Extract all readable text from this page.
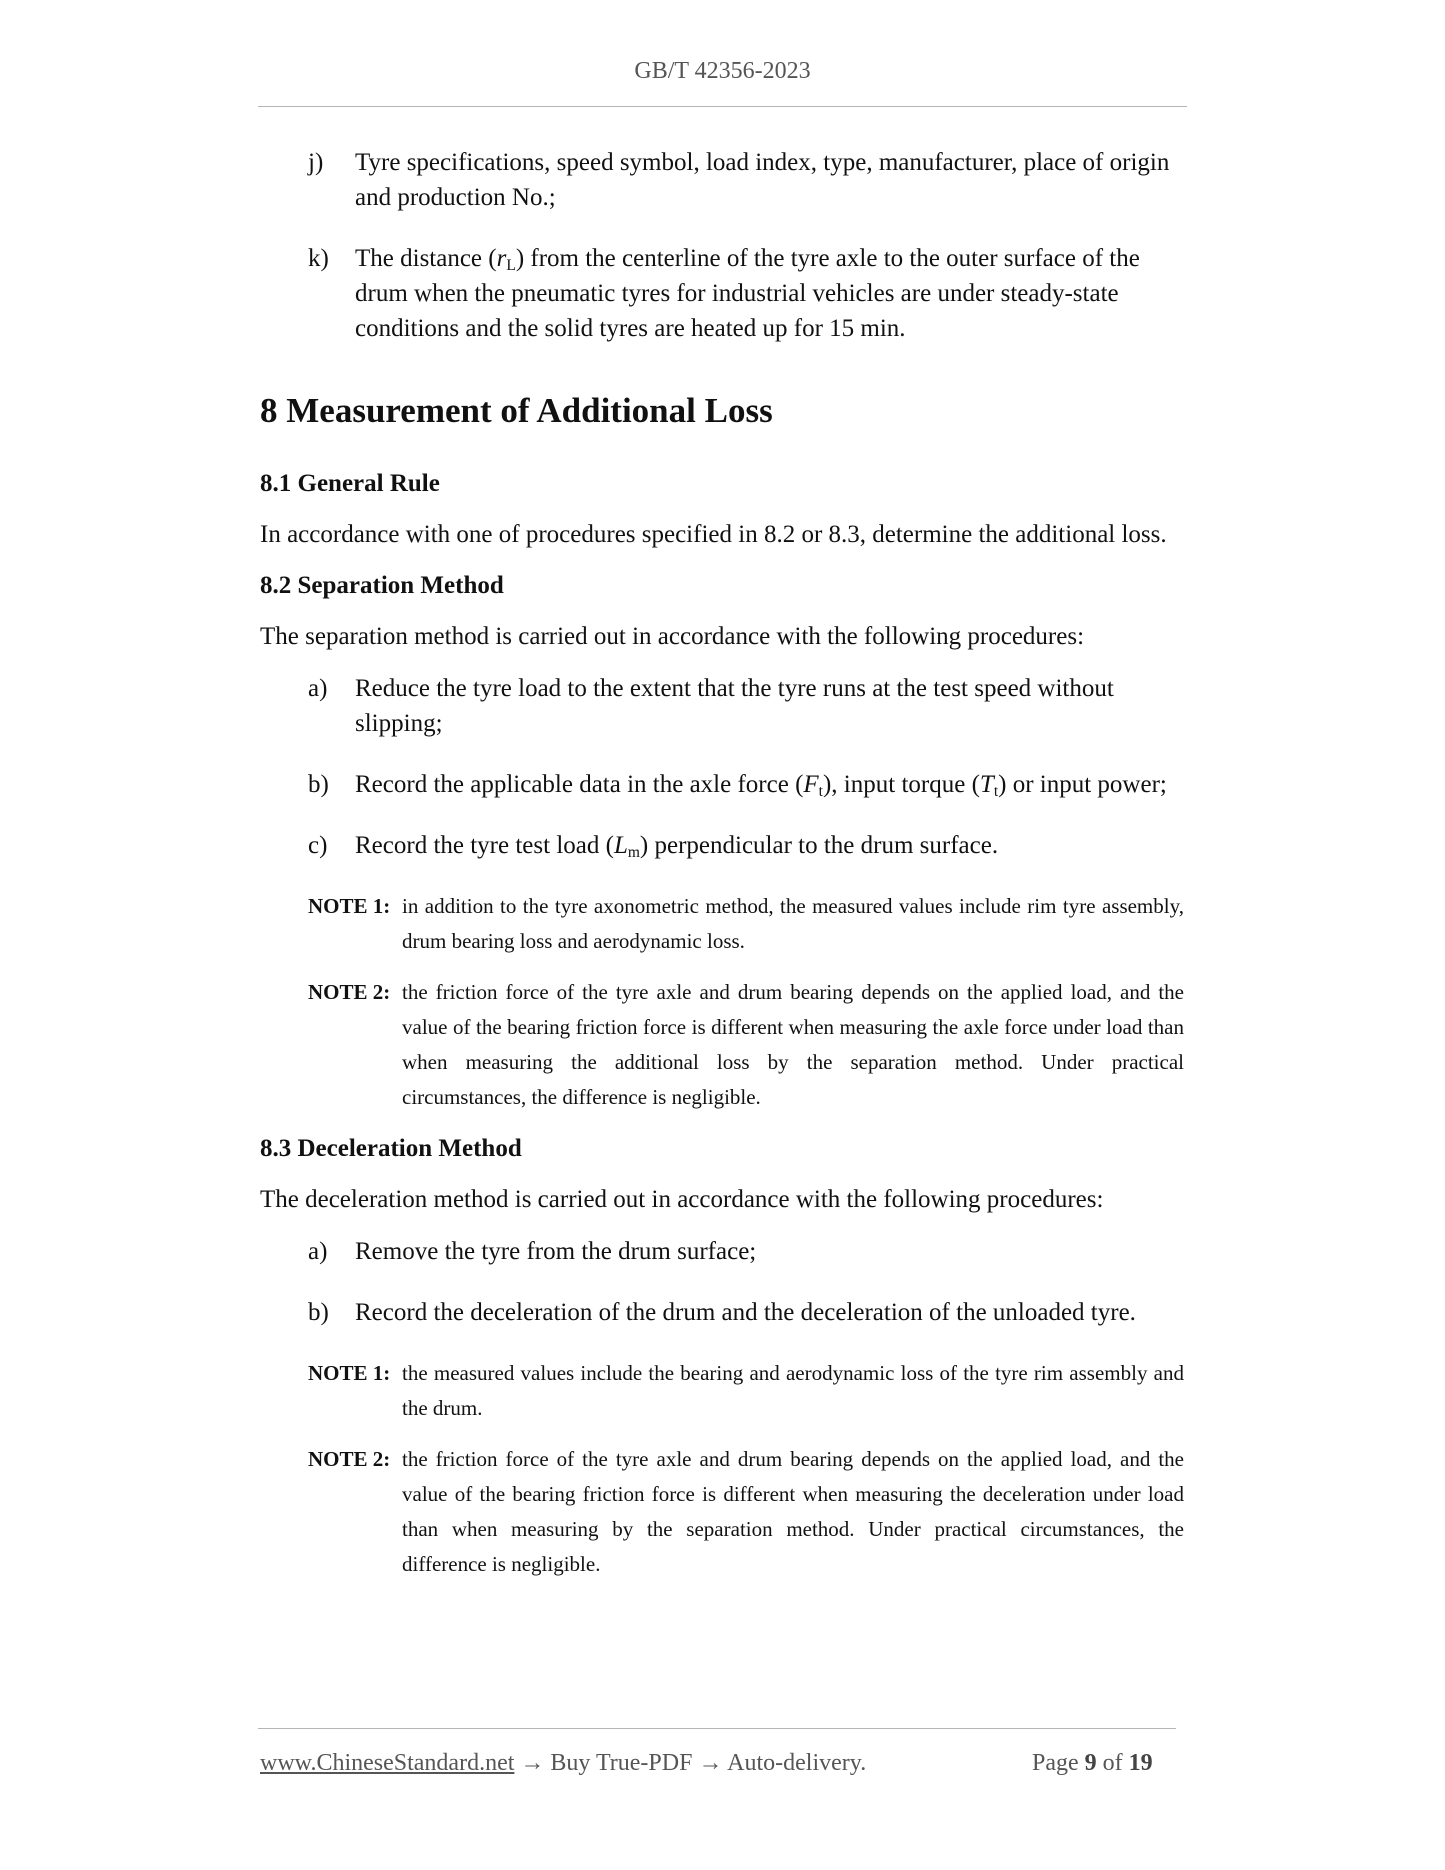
GB/T 42356-2023
j)	Tyre specifications, speed symbol, load index, type, manufacturer, place of origin and production No.;
k)	The distance $(r_L)$ from the centerline of the tyre axle to the outer surface of the drum when the pneumatic tyres for industrial vehicles are under steady-state conditions and the solid tyres are heated up for 15 min.
8 Measurement of Additional Loss
8.1 General Rule
In accordance with one of procedures specified in 8.2 or 8.3, determine the additional loss.
8.2 Separation Method
The separation method is carried out in accordance with the following procedures:
a)	Reduce the tyre load to the extent that the tyre runs at the test speed without slipping;
b)	Record the applicable data in the axle force $(F_t)$, input torque $(T_t)$ or input power;
c)	Record the tyre test load $(L_m)$ perpendicular to the drum surface.
NOTE 1: in addition to the tyre axonometric method, the measured values include rim tyre assembly, drum bearing loss and aerodynamic loss.
NOTE 2: the friction force of the tyre axle and drum bearing depends on the applied load, and the value of the bearing friction force is different when measuring the axle force under load than when measuring the additional loss by the separation method. Under practical circumstances, the difference is negligible.
8.3 Deceleration Method
The deceleration method is carried out in accordance with the following procedures:
a)	Remove the tyre from the drum surface;
b)	Record the deceleration of the drum and the deceleration of the unloaded tyre.
NOTE 1: the measured values include the bearing and aerodynamic loss of the tyre rim assembly and the drum.
NOTE 2: the friction force of the tyre axle and drum bearing depends on the applied load, and the value of the bearing friction force is different when measuring the deceleration under load than when measuring by the separation method. Under practical circumstances, the difference is negligible.
www.ChineseStandard.net → Buy True-PDF → Auto-delivery.	Page 9 of 19
